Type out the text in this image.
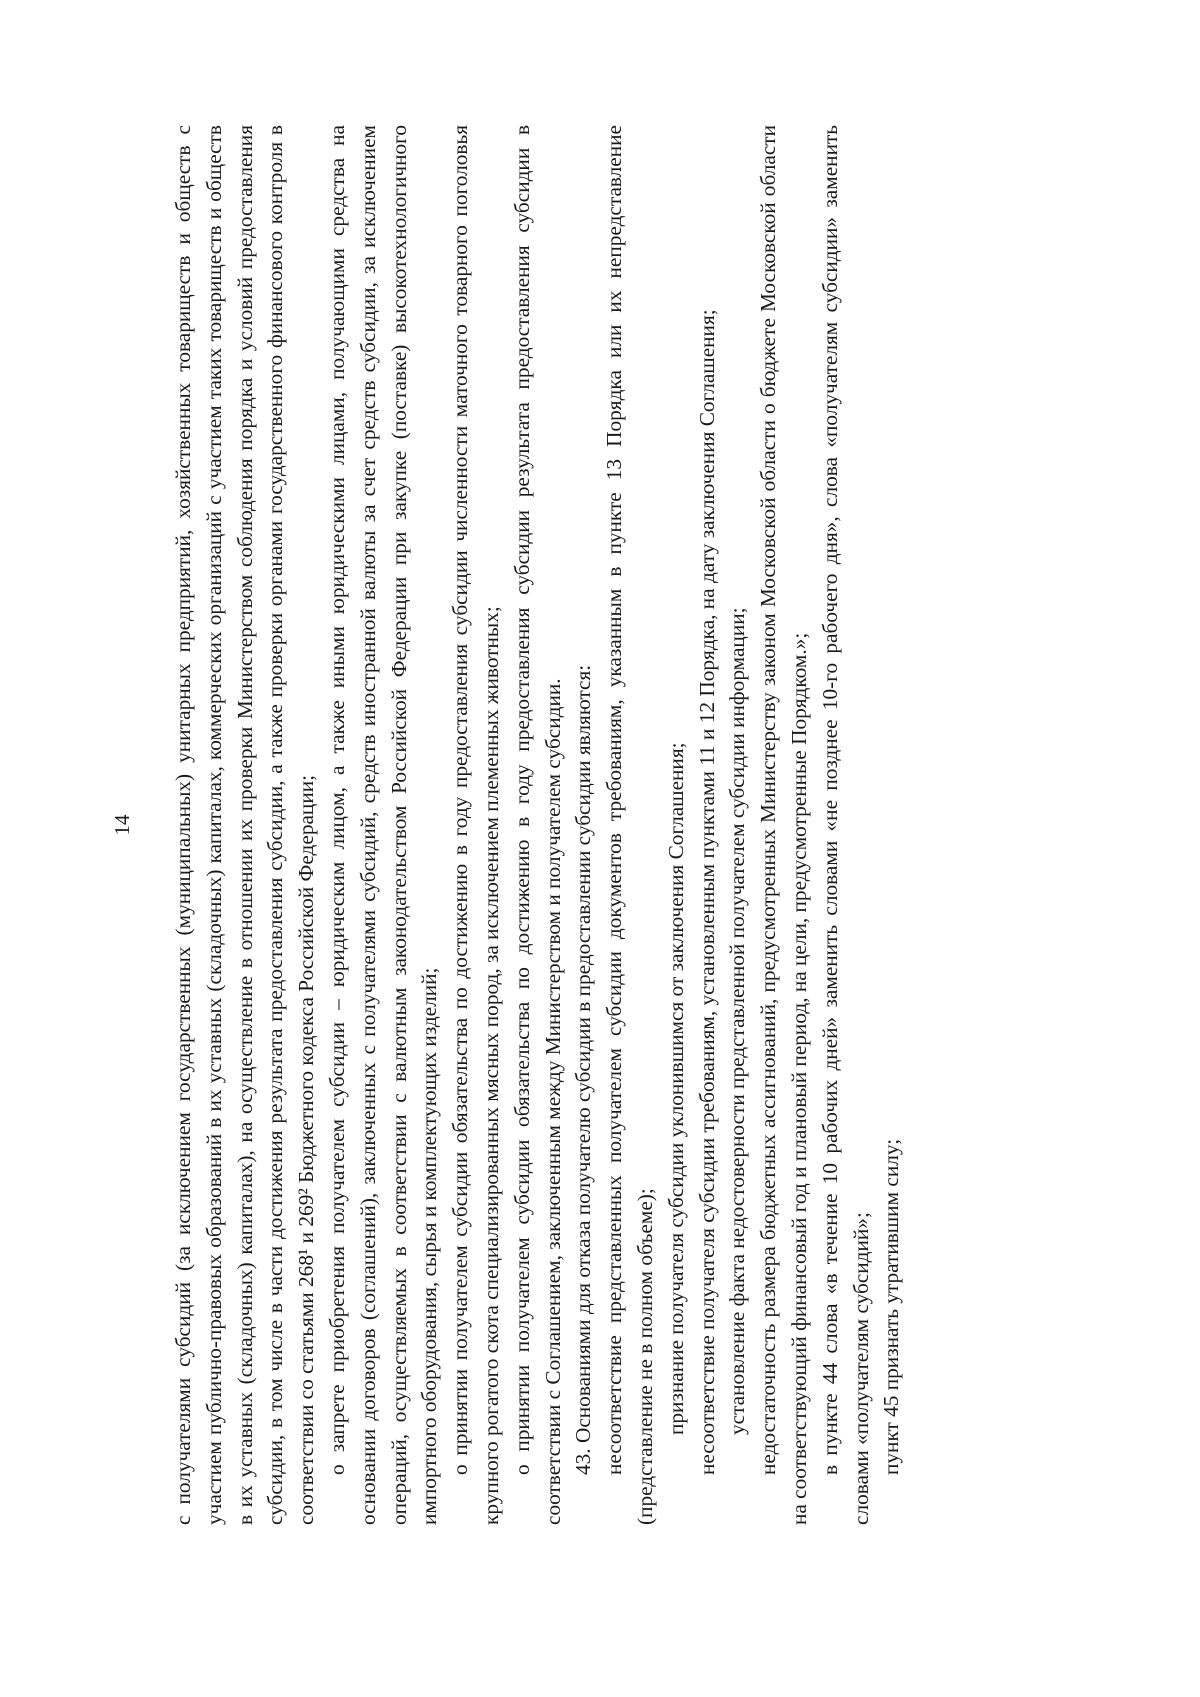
14 с получателями субсидий (за исключением государственных (муниципальных) унитарных предприятий, хозяйственных товариществ и обществ с участием публично-правовых образований в их уставных (складочных) капиталах, коммерческих организаций с участием таких товариществ и обществ в их уставных (складочных) капиталах), на осуществление в отношении их проверки Министерством соблюдения порядка и условий предоставления субсидии, в том числе в части достижения результата предоставления субсидии, а также проверки органами государственного финансового контроля в соответствии со статьями 268¹ и 269² Бюджетного кодекса Российской Федерации; о запрете приобретения получателем субсидии – юридическим лицом, а также иными юридическими лицами, получающими средства на основании договоров (соглашений), заключенных с получателями субсидий, средств иностранной валюты за счет средств субсидии, за исключением операций, осуществляемых в соответствии с валютным законодательством Российской Федерации при закупке (поставке) высокотехнологичного импортного оборудования, сырья и комплектующих изделий; о принятии получателем субсидии обязательства по достижению в году предоставления субсидии численности маточного товарного поголовья крупного рогатого скота специализированных мясных пород, за исключением племенных животных; о принятии получателем субсидии обязательства по достижению в году предоставления субсидии результата предоставления субсидии в соответствии с Соглашением, заключенным между Министерством и получателем субсидии. 43. Основаниями для отказа получателю субсидии в предоставлении субсидии являются: несоответствие представленных получателем субсидии документов требованиям, указанным в пункте 13 Порядка или их непредставление (представление не в полном объеме); признание получателя субсидии уклонившимся от заключения Соглашения; несоответствие получателя субсидии требованиям, установленным пунктами 11 и 12 Порядка, на дату заключения Соглашения; установление факта недостоверности представленной получателем субсидии информации; недостаточность размера бюджетных ассигнований, предусмотренных Министерству законом Московской области о бюджете Московской области на соответствующий финансовый год и плановый период, на цели, предусмотренные Порядком.»; в пункте 44 слова «в течение 10 рабочих дней» заменить словами «не позднее 10-го рабочего дня», слова «получателям субсидии» заменить словами «получателям субсидий»; пункт 45 признать утратившим силу;
